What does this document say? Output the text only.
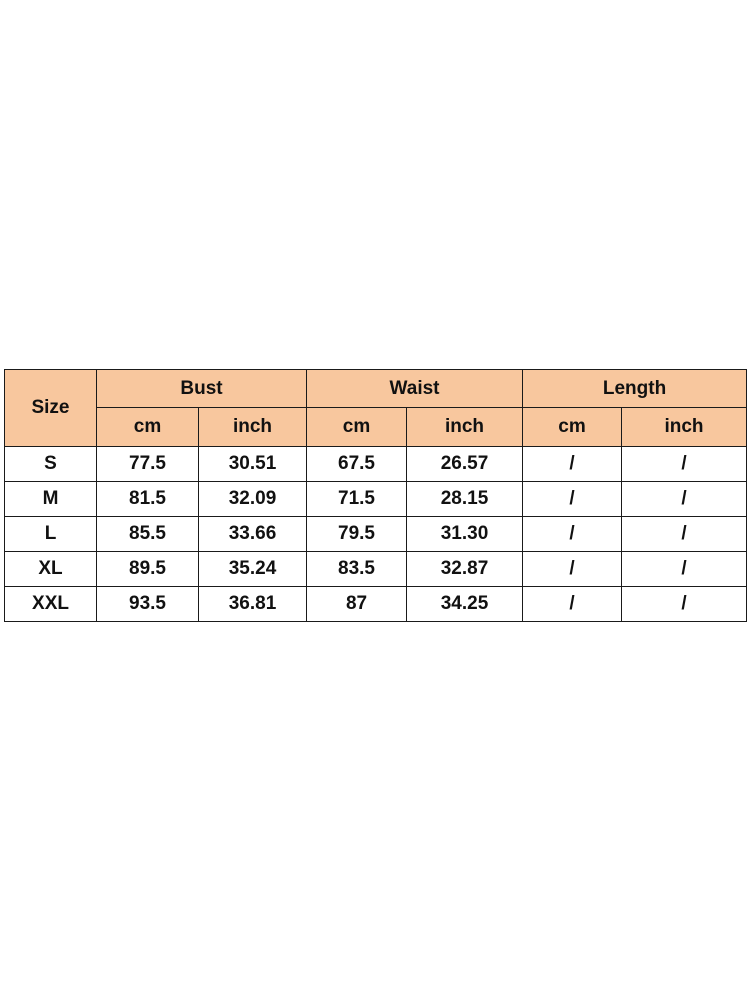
Size	Bust		Waist		Length	
	cm	inch	cm	inch	cm	inch
S	77.5	30.51	67.5	26.57	/	/
M	81.5	32.09	71.5	28.15	/	/
L	85.5	33.66	79.5	31.30	/	/
XL	89.5	35.24	83.5	32.87	/	/
XXL	93.5	36.81	87	34.25	/	/
